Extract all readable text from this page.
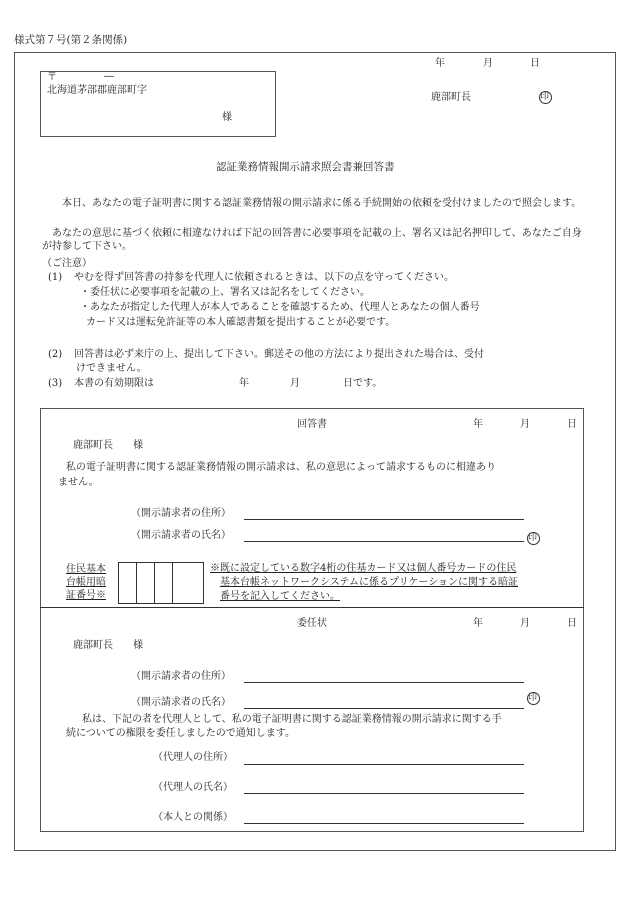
様式第７号(第２条関係)
年	月	日
〒	―
北海道茅部郡鹿部町字
様
鹿部町長	印
認証業務情報開示請求照会書兼回答書
本日、あなたの電子証明書に関する認証業務情報の開示請求に係る手続開始の依頼を受付けましたので照会します。
あなたの意思に基づく依頼に相違なければ下記の回答書に必要事項を記載の上、署名又は記名押印して、あなたご自身が持参して下さい。
（ご注意）
(1) やむを得ず回答書の持参を代理人に依頼されるときは、以下の点を守ってください。
・委任状に必要事項を記載の上、署名又は記名をしてください。
・あなたが指定した代理人が本人であることを確認するため、代理人とあなたの個人番号
カード又は運転免許証等の本人確認書類を提出することが必要です。
(2) 回答書は必ず来庁の上、提出して下さい。郵送その他の方法により提出された場合は、受付
けできません。
(3) 本書の有効期限は	年	月	日です。
回答書	年	月	日
鹿部町長　　様
私の電子証明書に関する認証業務情報の開示請求は、私の意思によって請求するものに相違あり
ません。
（開示請求者の住所）
（開示請求者の氏名）	印
住民基本
台帳用暗
証番号※
※既に設定している数字4桁の住基カード又は個人番号カードの住民
基本台帳ネットワークシステムに係るプリケーションに関する暗証
番号を記入してください。
委任状	年	月	日
鹿部町長　　様
（開示請求者の住所）
（開示請求者の氏名）	印
私は、下記の者を代理人として、私の電子証明書に関する認証業務情報の開示請求に関する手
続についての権限を委任しましたので通知します。
（代理人の住所）
（代理人の氏名）
（本人との関係）
